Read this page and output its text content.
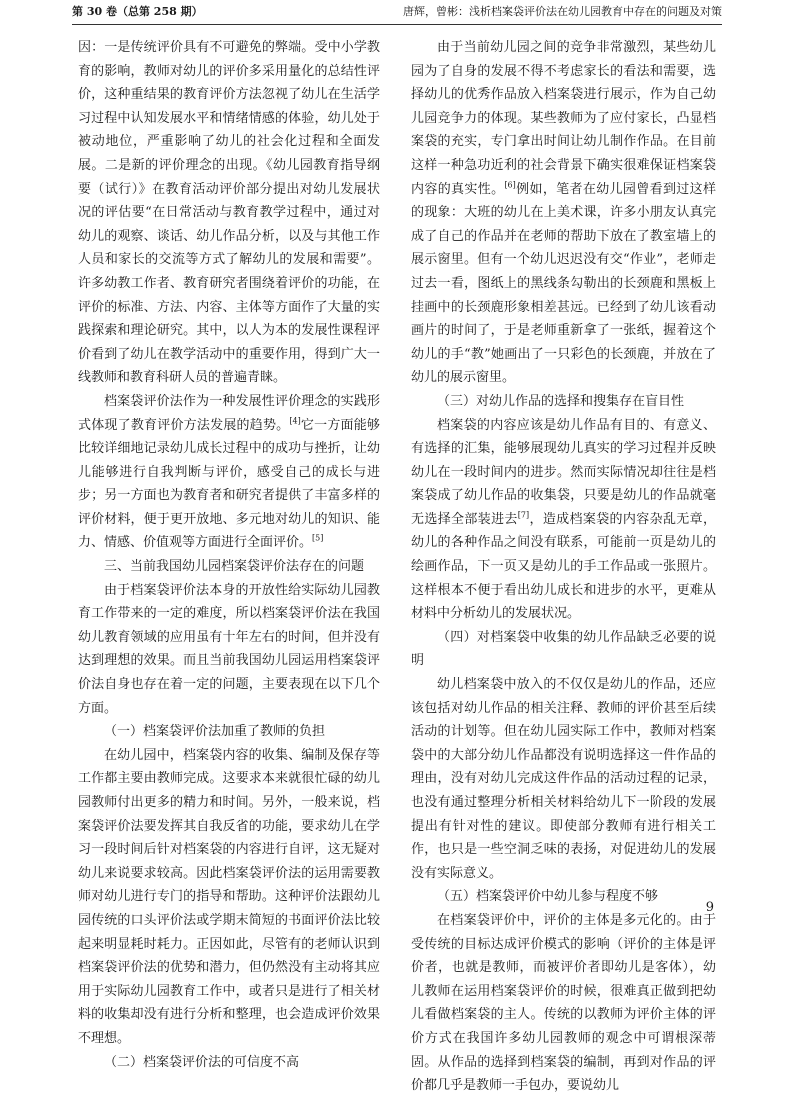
第 30 卷（总第 258 期）	唐辉，曾彬：浅析档案袋评价法在幼儿园教育中存在的问题及对策

因：一是传统评价具有不可避免的弊端。受中小学教育的影响，教师对幼儿的评价多采用量化的总结性评价，这种重结果的教育评价方法忽视了幼儿在生活学习过程中认知发展水平和情绪情感的体验，幼儿处于被动地位，严重影响了幼儿的社会化过程和全面发展。二是新的评价理念的出现。《幼儿园教育指导纲要（试行）》在教育活动评价部分提出对幼儿发展状况的评估要“在日常活动与教育教学过程中，通过对幼儿的观察、谈话、幼儿作品分析，以及与其他工作人员和家长的交流等方式了解幼儿的发展和需要”。许多幼教工作者、教育研究者围绕着评价的功能，在评价的标准、方法、内容、主体等方面作了大量的实践探索和理论研究。其中，以人为本的发展性课程评价看到了幼儿在教学活动中的重要作用，得到广大一线教师和教育科研人员的普遍青睐。

档案袋评价法作为一种发展性评价理念的实践形式体现了教育评价方法发展的趋势。[4]它一方面能够比较详细地记录幼儿成长过程中的成功与挫折，让幼儿能够进行自我判断与评价，感受自己的成长与进步；另一方面也为教育者和研究者提供了丰富多样的评价材料，便于更开放地、多元地对幼儿的知识、能力、情感、价值观等方面进行全面评价。[5]

三、当前我国幼儿园档案袋评价法存在的问题

由于档案袋评价法本身的开放性给实际幼儿园教育工作带来的一定的难度，所以档案袋评价法在我国幼儿教育领域的应用虽有十年左右的时间，但并没有达到理想的效果。而且当前我国幼儿园运用档案袋评价法自身也存在着一定的问题，主要表现在以下几个方面。

（一）档案袋评价法加重了教师的负担

在幼儿园中，档案袋内容的收集、编制及保存等工作都主要由教师完成。这要求本来就很忙碌的幼儿园教师付出更多的精力和时间。另外，一般来说，档案袋评价法要发挥其自我反省的功能，要求幼儿在学习一段时间后针对档案袋的内容进行自评，这无疑对幼儿来说要求较高。因此档案袋评价法的运用需要教师对幼儿进行专门的指导和帮助。这种评价法跟幼儿园传统的口头评价法或学期末简短的书面评价法比较起来明显耗时耗力。正因如此，尽管有的老师认识到档案袋评价法的优势和潜力，但仍然没有主动将其应用于实际幼儿园教育工作中，或者只是进行了相关材料的收集却没有进行分析和整理，也会造成评价效果不理想。

（二）档案袋评价法的可信度不高

由于当前幼儿园之间的竞争非常激烈，某些幼儿园为了自身的发展不得不考虑家长的看法和需要，选择幼儿的优秀作品放入档案袋进行展示，作为自己幼儿园竞争力的体现。某些教师为了应付家长，凸显档案袋的充实，专门拿出时间让幼儿制作作品。在目前这样一种急功近利的社会背景下确实很难保证档案袋内容的真实性。[6]例如，笔者在幼儿园曾看到过这样的现象：大班的幼儿在上美术课，许多小朋友认真完成了自己的作品并在老师的帮助下放在了教室墙上的展示窗里。但有一个幼儿迟迟没有交“作业”，老师走过去一看，图纸上的黑线条勾勒出的长颈鹿和黑板上挂画中的长颈鹿形象相差甚远。已经到了幼儿该看动画片的时间了，于是老师重新拿了一张纸，握着这个幼儿的手“教”她画出了一只彩色的长颈鹿，并放在了幼儿的展示窗里。

（三）对幼儿作品的选择和搜集存在盲目性

档案袋的内容应该是幼儿作品有目的、有意义、有选择的汇集，能够展现幼儿真实的学习过程并反映幼儿在一段时间内的进步。然而实际情况却往往是档案袋成了幼儿作品的收集袋，只要是幼儿的作品就毫无选择全部装进去[7]，造成档案袋的内容杂乱无章，幼儿的各种作品之间没有联系，可能前一页是幼儿的绘画作品，下一页又是幼儿的手工作品或一张照片。这样根本不便于看出幼儿成长和进步的水平，更难从材料中分析幼儿的发展状况。

（四）对档案袋中收集的幼儿作品缺乏必要的说明

幼儿档案袋中放入的不仅仅是幼儿的作品，还应该包括对幼儿作品的相关注释、教师的评价甚至后续活动的计划等。但在幼儿园实际工作中，教师对档案袋中的大部分幼儿作品都没有说明选择这一件作品的理由，没有对幼儿完成这件作品的活动过程的记录，也没有通过整理分析相关材料给幼儿下一阶段的发展提出有针对性的建议。即使部分教师有进行相关工作，也只是一些空洞乏味的表扬，对促进幼儿的发展没有实际意义。

（五）档案袋评价中幼儿参与程度不够

在档案袋评价中，评价的主体是多元化的。由于受传统的目标达成评价模式的影响（评价的主体是评价者，也就是教师，而被评价者即幼儿是客体），幼儿教师在运用档案袋评价的时候，很难真正做到把幼儿看做档案袋的主人。传统的以教师为评价主体的评价方式在我国许多幼儿园教师的观念中可谓根深蒂固。从作品的选择到档案袋的编制，再到对作品的评价都几乎是教师一手包办，要说幼儿

9
